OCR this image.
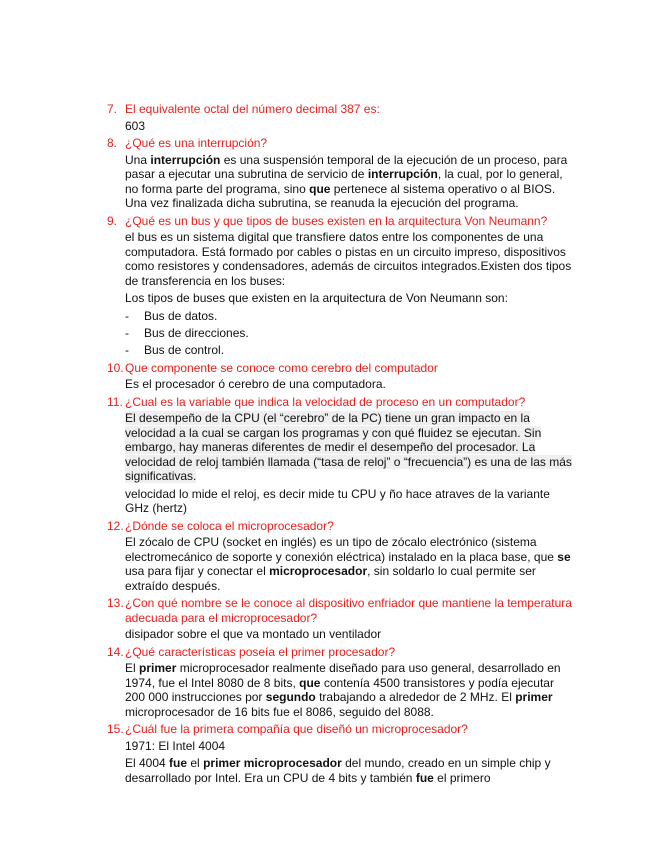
7. El equivalente octal del número decimal 387 es:
603
8. ¿Qué es una interrupción?
Una interrupción es una suspensión temporal de la ejecución de un proceso, para pasar a ejecutar una subrutina de servicio de interrupción, la cual, por lo general, no forma parte del programa, sino que pertenece al sistema operativo o al BIOS. Una vez finalizada dicha subrutina, se reanuda la ejecución del programa.
9. ¿Qué es un bus y que tipos de buses existen en la arquitectura Von Neumann?
el bus es un sistema digital que transfiere datos entre los componentes de una computadora. Está formado por cables o pistas en un circuito impreso, dispositivos como resistores y condensadores, además de circuitos integrados.Existen dos tipos de transferencia en los buses:
Los tipos de buses que existen en la arquitectura de Von Neumann son:
-	Bus de datos.
-	Bus de direcciones.
-	Bus de control.
10. Que componente se conoce como cerebro del computador
Es el procesador ó cerebro de una computadora.
11. ¿Cual es la variable que indica la velocidad de proceso en un computador?
El desempeño de la CPU (el “cerebro” de la PC) tiene un gran impacto en la velocidad a la cual se cargan los programas y con qué fluidez se ejecutan. Sin embargo, hay maneras diferentes de medir el desempeño del procesador. La velocidad de reloj también llamada (“tasa de reloj” o “frecuencia”) es una de las más significativas.
velocidad lo mide el reloj, es decir mide tu CPU y ño hace atraves de la variante GHz (hertz)
12. ¿Dónde se coloca el microprocesador?
El zócalo de CPU (socket en inglés) es un tipo de zócalo electrónico (sistema electromecánico de soporte y conexión eléctrica) instalado en la placa base, que se usa para fijar y conectar el microprocesador, sin soldarlo lo cual permite ser extraído después.
13. ¿Con qué nombre se le conoce al dispositivo enfriador que mantiene la temperatura adecuada para el microprocesador?
disipador sobre el que va montado un ventilador
14. ¿Qué características poseía el primer procesador?
El primer microprocesador realmente diseñado para uso general, desarrollado en 1974, fue el Intel 8080 de 8 bits, que contenía 4500 transistores y podía ejecutar 200 000 instrucciones por segundo trabajando a alrededor de 2 MHz. El primer microprocesador de 16 bits fue el 8086, seguido del 8088.
15. ¿Cuál fue la primera compañía que diseñó un microprocesador?
1971: El Intel 4004
El 4004 fue el primer microprocesador del mundo, creado en un simple chip y desarrollado por Intel. Era un CPU de 4 bits y también fue el primero
